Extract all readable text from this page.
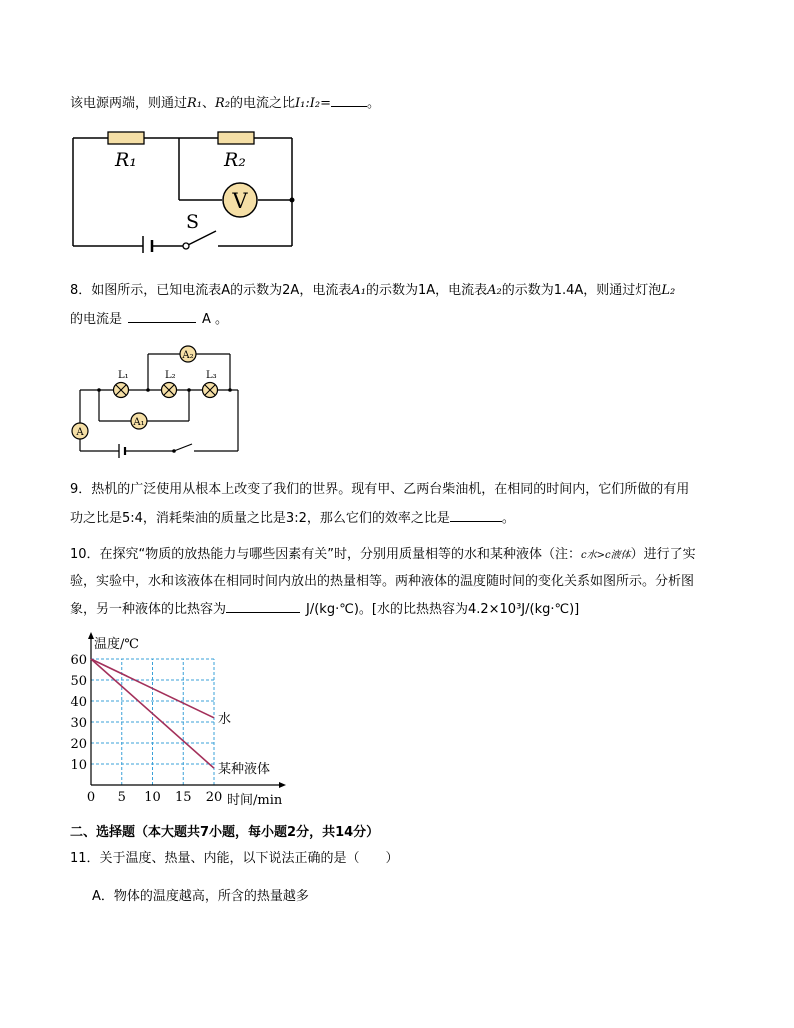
该电源两端，则通过R₁、R₂的电流之比I₁:I₂=	。
V
R₁	R₂
S
8．如图所示，已知电流表A的示数为2A，电流表A₁的示数为1A，电流表A₂的示数为1.4A，则通过灯泡L₂
的电流是	A 。
L₁	L₂	L₃
A₂
A₁
A
9．热机的广泛使用从根本上改变了我们的世界。现有甲、乙两台柴油机，在相同的时间内，它们所做的有用
功之比是5:4，消耗柴油的质量之比是3:2，那么它们的效率之比是	。
10．在探究“物质的放热能力与哪些因素有关”时，分别用质量相等的水和某种液体（注：c水>c液体）进行了实
验，实验中，水和该液体在相同时间内放出的热量相等。两种液体的温度随时间的变化关系如图所示。分析图
象，另一种液体的比热容为	J/(kg·℃)。[水的比热热容为4.2×10³J/(kg·℃)]
水
某种液体
10
20
30
40
50
60
0 5 10 15 20
温度/℃
时间/min
二、选择题（本大题共7小题，每小题2分，共14分）
11．关于温度、热量、内能，以下说法正确的是（　　）
A．物体的温度越高，所含的热量越多
